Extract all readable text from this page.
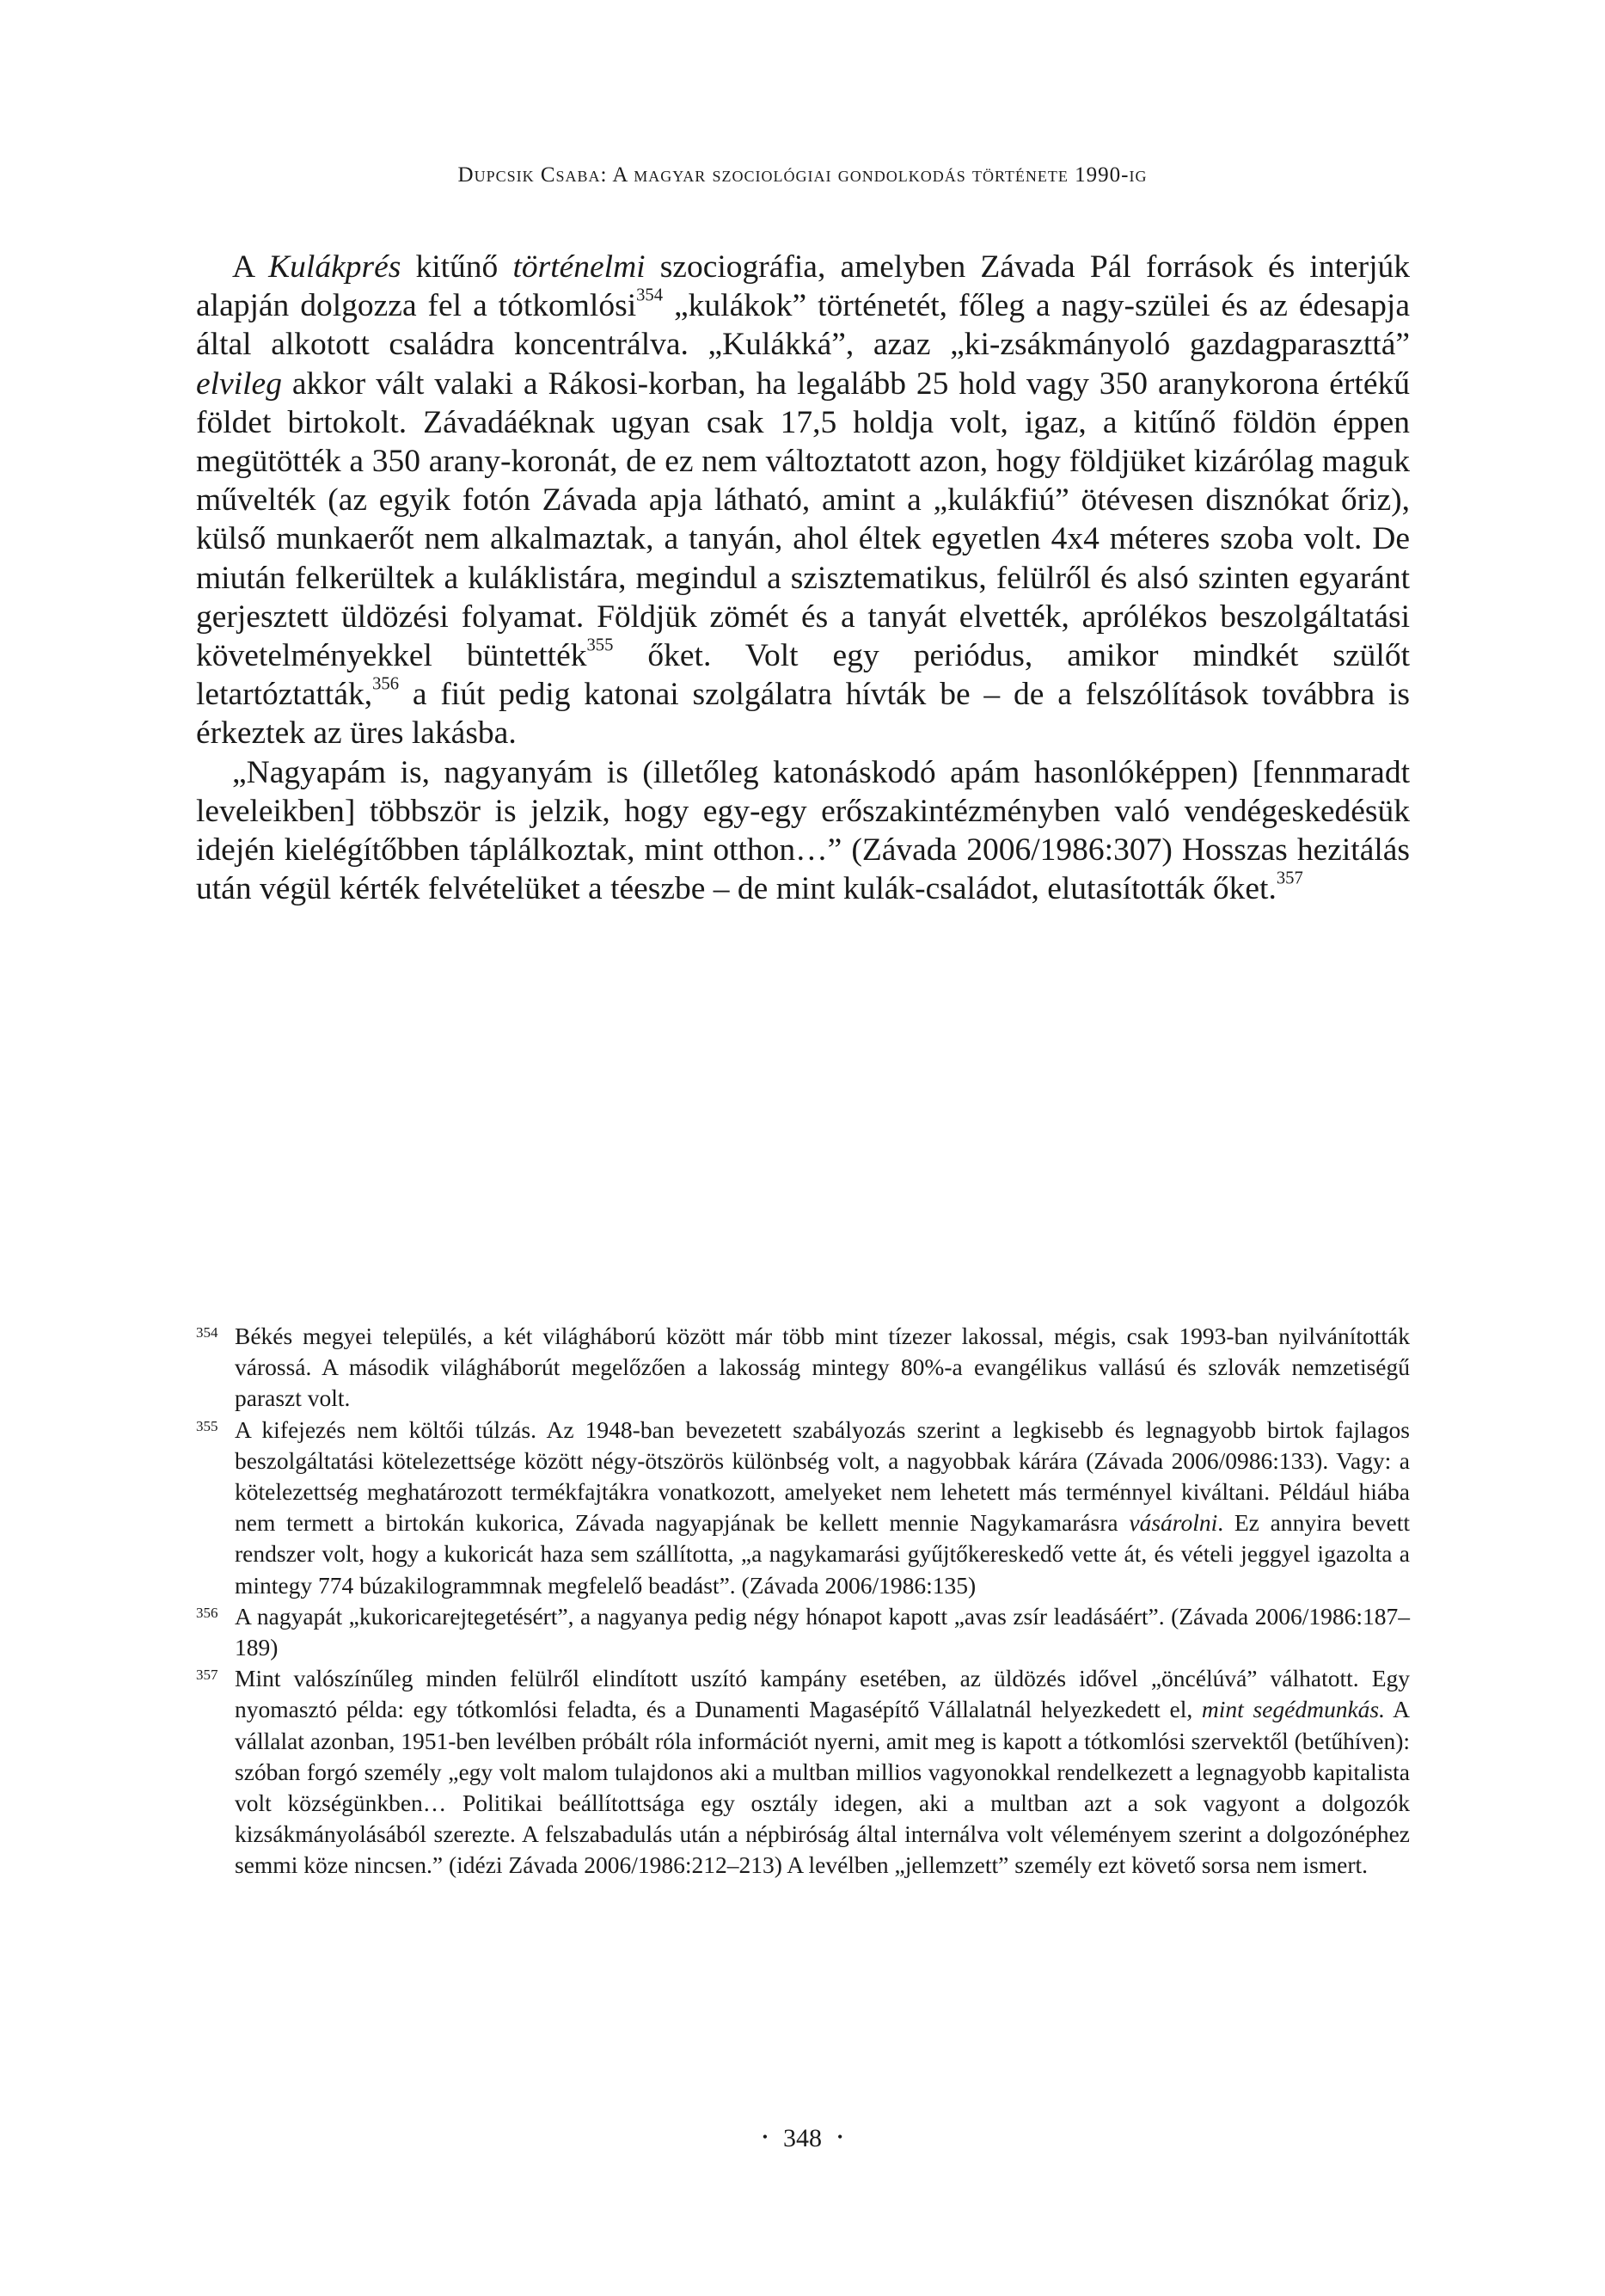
Dupcsik Csaba: A magyar szociológiai gondolkodás története 1990-ig

A Kulákprés kitűnő történelmi szociográfia, amelyben Závada Pál források és interjúk alapján dolgozza fel a tótkomlósi$^{354}$ „kulákok” történetét, főleg a nagy-szülei és az édesapja által alkotott családra koncentrálva. „Kulákká”, azaz „ki-zsákmányoló gazdagparaszttá” elvileg akkor vált valaki a Rákosi-korban, ha legalább 25 hold vagy 350 aranykorona értékű földet birtokolt. Závadáéknak ugyan csak 17,5 holdja volt, igaz, a kitűnő földön éppen megütötték a 350 arany-koronát, de ez nem változtatott azon, hogy földjüket kizárólag maguk művelték (az egyik fotón Závada apja látható, amint a „kulákfiú” ötévesen disznókat őriz), külső munkaerőt nem alkalmaztak, a tanyán, ahol éltek egyetlen 4x4 méteres szoba volt. De miután felkerültek a kuláklistára, megindul a szisztematikus, felülről és alsó szinten egyaránt gerjesztett üldözési folyamat. Földjük zömét és a tanyát elvették, aprólékos beszolgáltatási követelményekkel büntették$^{355}$ őket. Volt egy periódus, amikor mindkét szülőt letartóztatták,$^{356}$ a fiút pedig katonai szolgálatra hívták be – de a felszólítások továbbra is érkeztek az üres lakásba.

„Nagyapám is, nagyanyám is (illetőleg katonáskodó apám hasonlóképpen) [fennmaradt leveleikben] többször is jelzik, hogy egy-egy erőszakintézményben való vendégeskedésük idején kielégítőbben táplálkoztak, mint otthon…” (Závada 2006/1986:307) Hosszas hezitálás után végül kérték felvételüket a téeszbe – de mint kulák-családot, elutasították őket.$^{357}$

354 Békés megyei település, a két világháború között már több mint tízezer lakossal, mégis, csak 1993-ban nyilvánították várossá. A második világháborút megelőzően a lakosság mintegy 80%-a evangélikus vallású és szlovák nemzetiségű paraszt volt.

355 A kifejezés nem költői túlzás. Az 1948-ban bevezetett szabályozás szerint a legkisebb és legnagyobb birtok fajlagos beszolgáltatási kötelezettsége között négy-ötszörös különbség volt, a nagyobbak kárára (Závada 2006/0986:133). Vagy: a kötelezettség meghatározott termékfajtákra vonatkozott, amelyeket nem lehetett más terménnyel kiváltani. Például hiába nem termett a birtokán kukorica, Závada nagyapjának be kellett mennie Nagykamarásra vásárolni. Ez annyira bevett rendszer volt, hogy a kukoricát haza sem szállította, „a nagykamarási gyűjtőkereskedő vette át, és vételi jeggyel igazolta a mintegy 774 búzakilogrammnak megfelelő beadást”. (Závada 2006/1986:135)

356 A nagyapát „kukoricarejtegetésért”, a nagyanya pedig négy hónapot kapott „avas zsír leadásáért”. (Závada 2006/1986:187–189)

357 Mint valószínűleg minden felülről elindított uszító kampány esetében, az üldözés idővel „öncélúvá” válhatott. Egy nyomasztó példa: egy tótkomlósi feladta, és a Dunamenti Magasépítő Vállalatnál helyezkedett el, mint segédmunkás. A vállalat azonban, 1951-ben levélben próbált róla információt nyerni, amit meg is kapott a tótkomlósi szervektől (betűhíven): szóban forgó személy „egy volt malom tulajdonos aki a multban millios vagyonokkal rendelkezett a legnagyobb kapitalista volt községünkben… Politikai beállítottsága egy osztály idegen, aki a multban azt a sok vagyont a dolgozók kizsákmányolásából szerezte. A felszabadulás után a népbiróság által internálva volt véleményem szerint a dolgozónéphez semmi köze nincsen.” (idézi Závada 2006/1986:212–213) A levélben „jellemzett” személy ezt követő sorsa nem ismert.

• 348 •
